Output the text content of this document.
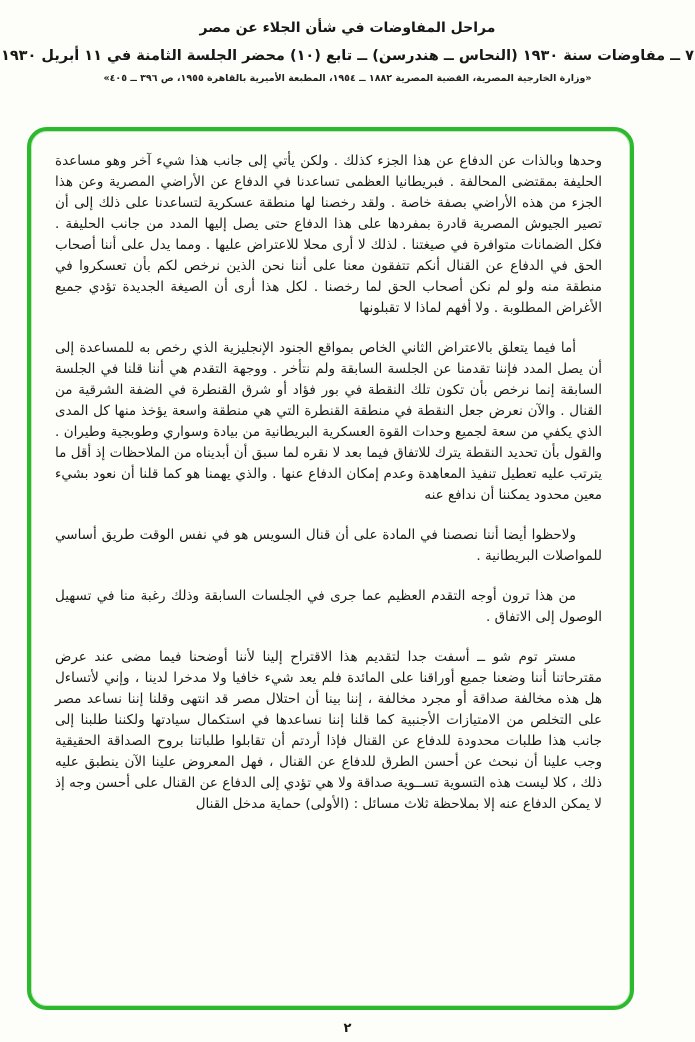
مراحل المفاوضات في شأن الجلاء عن مصر
٧ ــ مفاوضات سنة ١٩٣٠ (النحاس ــ هندرسن) ــ تابع (١٠) محضر الجلسة الثامنة في ١١ أبريل ١٩٣٠
«وزارة الخارجية المصرية، القضية المصرية ١٨٨٢ ــ ١٩٥٤، المطبعة الأميرية بالقاهرة ١٩٥٥، ص ٣٩٦ ــ ٤٠٥»

وحدها وبالذات عن الدفاع عن هذا الجزء كذلك . ولكن يأتي إلى جانب هذا شيء آخر وهو مساعدة الحليفة بمقتضى المحالفة . فبريطانيا العظمى تساعدنا في الدفاع عن الأراضي المصرية وعن هذا الجزء من هذه الأراضي بصفة خاصة . ولقد رخصنا لها منطقة عسكرية لتساعدنا على ذلك إلى أن تصير الجيوش المصرية قادرة بمفردها على هذا الدفاع حتى يصل إليها المدد من جانب الحليفة . فكل الضمانات متوافرة في صيغتنا . لذلك لا أرى محلا للاعتراض عليها . ومما يدل على أننا أصحاب الحق في الدفاع عن القنال أنكم تتفقون معنا على أننا نحن الذين نرخص لكم بأن تعسكروا في منطقة منه ولو لم نكن أصحاب الحق لما رخصنا . لكل هذا أرى أن الصيغة الجديدة تؤدي جميع الأغراض المطلوبة . ولا أفهم لماذا لا تقبلونها

أما فيما يتعلق بالاعتراض الثاني الخاص بمواقع الجنود الإنجليزية الذي رخص به للمساعدة إلى أن يصل المدد فإننا تقدمنا عن الجلسة السابقة ولم نتأخر . ووجهة التقدم هي أننا قلنا في الجلسة السابقة إنما نرخص بأن تكون تلك النقطة في بور فؤاد أو شرق القنطرة في الضفة الشرقية من القنال . والآن نعرض جعل النقطة في منطقة القنطرة التي هي منطقة واسعة يؤخذ منها كل المدى الذي يكفي من سعة لجميع وحدات القوة العسكرية البريطانية من بيادة وسواري وطوبجية وطيران . والقول بأن تحديد النقطة يترك للاتفاق فيما بعد لا نقره لما سبق أن أبديناه من الملاحظات إذ أقل ما يترتب عليه تعطيل تنفيذ المعاهدة وعدم إمكان الدفاع عنها . والذي يهمنا هو كما قلنا أن نعود بشيء معين محدود يمكننا أن ندافع عنه

ولاحظوا أيضا أننا نصصنا في المادة على أن قنال السويس هو في نفس الوقت طريق أساسي للمواصلات البريطانية .

من هذا ترون أوجه التقدم العظيم عما جرى في الجلسات السابقة وذلك رغبة منا في تسهيل الوصول إلى الاتفاق .

مستر توم شو ــ أسفت جدا لتقديم هذا الاقتراح إلينا لأننا أوضحنا فيما مضى عند عرض مقترحاتنا أننا وضعنا جميع أوراقنا على المائدة فلم يعد شيء خافيا ولا مدخرا لدينا ، وإني لأتساءل هل هذه مخالفة صداقة أو مجرد مخالفة ، إننا بينا أن احتلال مصر قد انتهى وقلنا إننا نساعد مصر على التخلص من الامتيازات الأجنبية كما قلنا إننا نساعدها في استكمال سيادتها ولكننا طلبنا إلى جانب هذا طلبات محدودة للدفاع عن القنال فإذا أردتم أن تقابلوا طلباتنا بروح الصداقة الحقيقية وجب علينا أن نبحث عن أحسن الطرق للدفاع عن القنال ، فهل المعروض علينا الآن ينطبق عليه ذلك ، كلا ليست هذه التسوية تســوية صداقة ولا هي تؤدي إلى الدفاع عن القنال على أحسن وجه إذ لا يمكن الدفاع عنه إلا بملاحظة ثلاث مسائل : (الأولى) حماية مدخل القنال

٢
